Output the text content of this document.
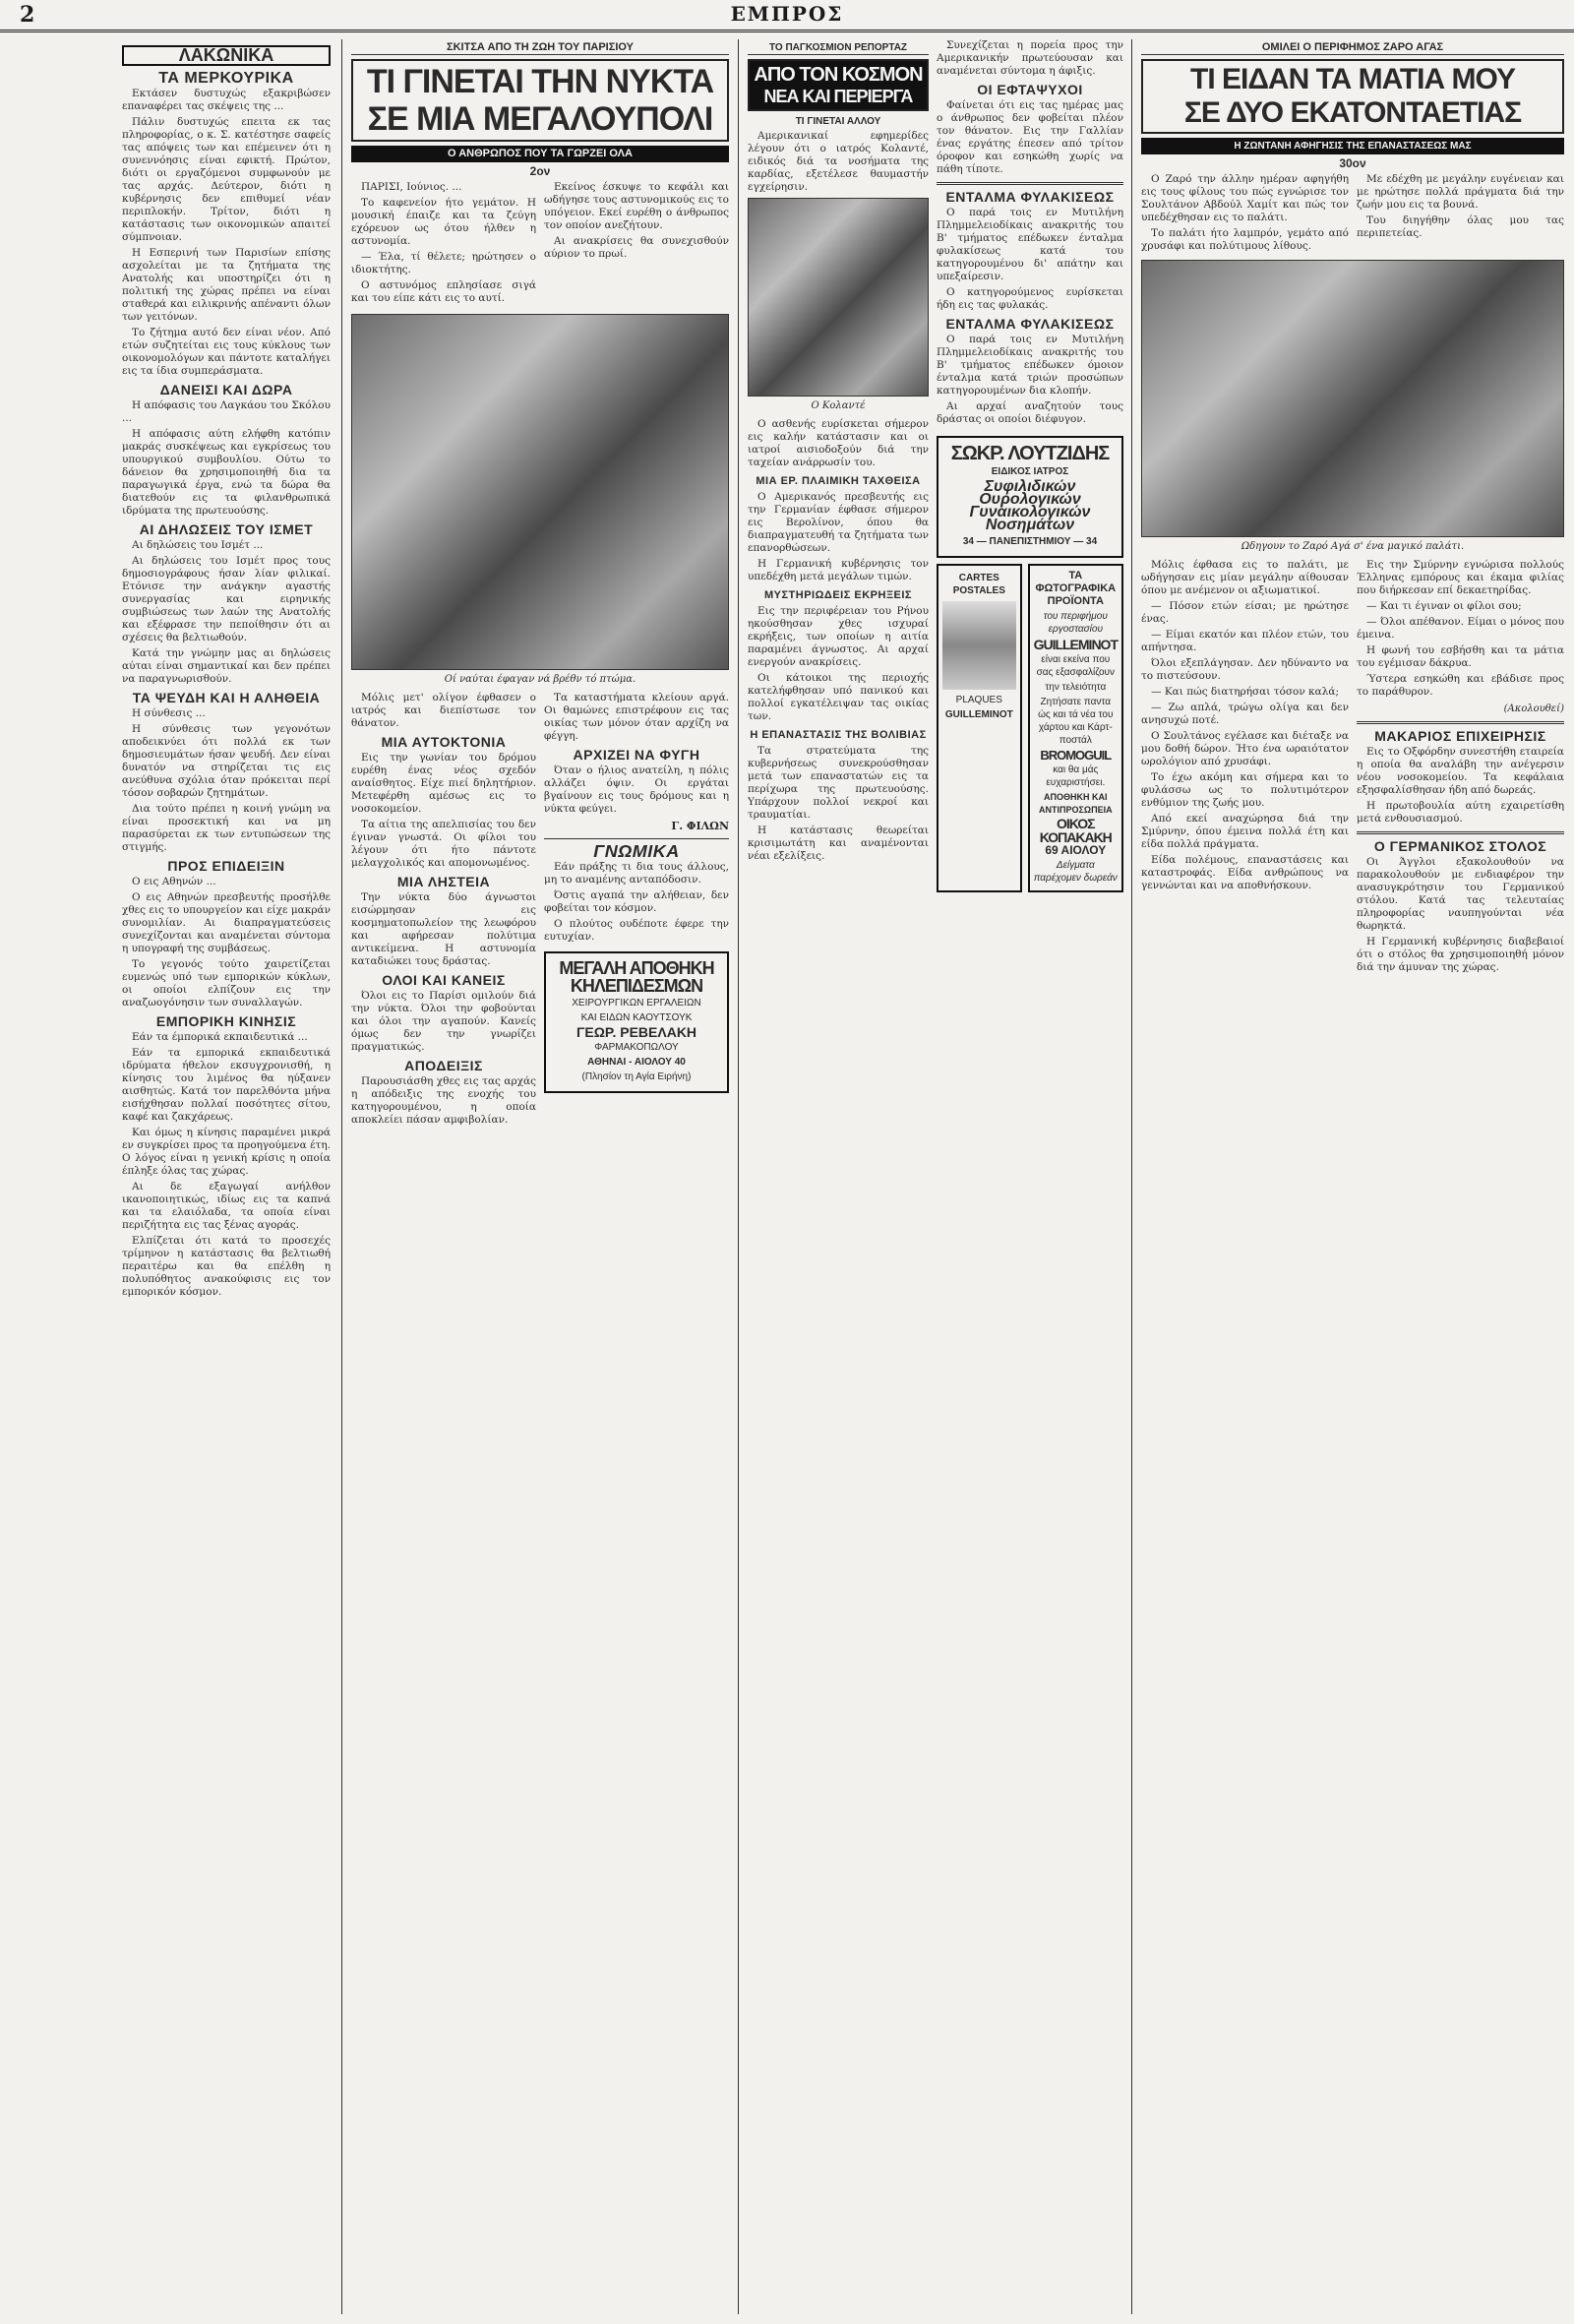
2	ΕΜΠΡΟΣ
ΛΑΚΩΝΙΚΑ
ΤΑ ΜΕΡΚΟΥΡΙΚΑ

Εκτάσεν δυστυχώς εξακριβώσεν επαναφέρει τας σκέψεις της ...

Πάλιν δυστυχώς επειτα εκ τας πληροφορίας, ο κ. Σ. κατέστησε σαφείς τας απόψεις των και επέμεινεν ότι η συνεννόησις είναι εφικτή. Πρώτον, διότι οι εργαζόμενοι συμφωνούν με τας αρχάς. Δεύτερον, διότι η κυβέρνησις δεν επιθυμεί νέαν περιπλοκήν. Τρίτον, διότι η κατάστασις των οικονομικών απαιτεί σύμπνοιαν.

Η Εσπερινή των Παρισίων επίσης ασχολείται με τα ζητήματα της Ανατολής και υποστηρίζει ότι η πολιτική της χώρας πρέπει να είναι σταθερά και ειλικρινής απέναντι όλων των γειτόνων.

Το ζήτημα αυτό δεν είναι νέον. Από ετών συζητείται εις τους κύκλους των οικονομολόγων και πάντοτε καταλήγει εις τα ίδια συμπεράσματα.

ΔΑΝΕΙΣΙ ΚΑΙ ΔΩΡΑ

Η απόφασις του Λαγκάου του Σκόλου ...

Η απόφασις αύτη ελήφθη κατόπιν μακράς συσκέψεως και εγκρίσεως του υπουργικού συμβουλίου. Ούτω το δάνειον θα χρησιμοποιηθή δια τα παραγωγικά έργα, ενώ τα δώρα θα διατεθούν εις τα φιλανθρωπικά ιδρύματα της πρωτευούσης.

ΑΙ ΔΗΛΩΣΕΙΣ ΤΟΥ ΙΣΜΕΤ

Αι δηλώσεις του Ισμέτ ...

Αι δηλώσεις του Ισμέτ προς τους δημοσιογράφους ήσαν λίαν φιλικαί. Ετόνισε την ανάγκην αγαστής συνεργασίας και ειρηνικής συμβιώσεως των λαών της Ανατολής και εξέφρασε την πεποίθησιν ότι αι σχέσεις θα βελτιωθούν.

Κατά την γνώμην μας αι δηλώσεις αύται είναι σημαντικαί και δεν πρέπει να παραγνωρισθούν.

ΤΑ ΨΕΥΔΗ ΚΑΙ Η ΑΛΗΘΕΙΑ

Η σύνθεσις ...

Η σύνθεσις των γεγονότων αποδεικνύει ότι πολλά εκ των δημοσιευμάτων ήσαν ψευδή. Δεν είναι δυνατόν να στηρίζεται τις εις ανεύθυνα σχόλια όταν πρόκειται περί τόσον σοβαρών ζητημάτων.

Δια τούτο πρέπει η κοινή γνώμη να είναι προσεκτική και να μη παρασύρεται εκ των εντυπώσεων της στιγμής.

ΠΡΟΣ ΕΠΙΔΕΙΞΙΝ

Ο εις Αθηνών ...

Ο εις Αθηνών πρεσβευτής προσήλθε χθες εις το υπουργείον και είχε μακράν συνομιλίαν. Αι διαπραγματεύσεις συνεχίζονται και αναμένεται σύντομα η υπογραφή της συμβάσεως.

Το γεγονός τούτο χαιρετίζεται ευμενώς υπό των εμπορικών κύκλων, οι οποίοι ελπίζουν εις την αναζωογόνησιν των συναλλαγών.

ΕΜΠΟΡΙΚΗ ΚΙΝΗΣΙΣ

Εάν τα έμπορικά εκπαιδευτικά ...

Εάν τα εμπορικά εκπαιδευτικά ιδρύματα ήθελον εκσυγχρονισθή, η κίνησις του λιμένος θα ηύξανεν αισθητώς. Κατά τον παρελθόντα μήνα εισήχθησαν πολλαί ποσότητες σίτου, καφέ και ζακχάρεως.

Και όμως η κίνησις παραμένει μικρά εν συγκρίσει προς τα προηγούμενα έτη. Ο λόγος είναι η γενική κρίσις η οποία έπληξε όλας τας χώρας.

Αι δε εξαγωγαί ανήλθον ικανοποιητικώς, ιδίως εις τα καπνά και τα ελαιόλαδα, τα οποία είναι περιζήτητα εις τας ξένας αγοράς.

Ελπίζεται ότι κατά το προσεχές τρίμηνον η κατάστασις θα βελτιωθή περαιτέρω και θα επέλθη η πολυπόθητος ανακούφισις εις τον εμπορικόν κόσμον.

ΣΚΙΤΣΑ ΑΠΟ ΤΗ ΖΩΗ ΤΟΥ ΠΑΡΙΣΙΟΥ
ΤΙ ΓΙΝΕΤΑΙ ΤΗΝ ΝΥΚΤΑ
ΣΕ ΜΙΑ ΜΕΓΑΛΟΥΠΟΛΙ
Ο ΑΝΘΡΩΠΟΣ ΠΟΥ ΤΑ ΓΩΡΖΕΙ ΟΛΑ
2ον

ΠΑΡΙΣΙ, Ιούνιος. ...

Το καφενείον ήτο γεμάτον. Η μουσική έπαιζε και τα ζεύγη εχόρευον ως ότου ήλθεν η αστυνομία.

— Έλα, τί θέλετε; ηρώτησεν ο ιδιοκτήτης.

Ο αστυνόμος επλησίασε σιγά και του είπε κάτι εις το αυτί.

Εκείνος έσκυψε το κεφάλι και ωδήγησε τους αστυνομικούς εις το υπόγειον. Εκεί ευρέθη ο άνθρωπος τον οποίον ανεζήτουν.

Αι ανακρίσεις θα συνεχισθούν αύριον το πρωί.

Οί ναύται έφαγαν νά βρέθν τό πτώμα.

Μόλις μετ' ολίγον έφθασεν ο ιατρός και διεπίστωσε τον θάνατον.

ΜΙΑ ΑΥΤΟΚΤΟΝΙΑ

Εις την γωνίαν του δρόμου ευρέθη ένας νέος σχεδόν αναίσθητος. Είχε πιεί δηλητήριον. Μετεφέρθη αμέσως εις το νοσοκομείον.

Τα αίτια της απελπισίας του δεν έγιναν γνωστά. Οι φίλοι του λέγουν ότι ήτο πάντοτε μελαγχολικός και απομονωμένος.

ΜΙΑ ΛΗΣΤΕΙΑ

Την νύκτα δύο άγνωστοι εισώρμησαν εις κοσμηματοπωλείον της λεωφόρου και αφήρεσαν πολύτιμα αντικείμενα. Η αστυνομία καταδιώκει τους δράστας.

ΟΛΟΙ ΚΑΙ ΚΑΝΕΙΣ

Όλοι εις το Παρίσι ομιλούν διά την νύκτα. Όλοι την φοβούνται και όλοι την αγαπούν. Κανείς όμως δεν την γνωρίζει πραγματικώς.

ΑΠΟΔΕΙΞΙΣ

Παρουσιάσθη χθες εις τας αρχάς η απόδειξις της ενοχής του κατηγορουμένου, η οποία αποκλείει πάσαν αμφιβολίαν.

Τα καταστήματα κλείουν αργά. Οι θαμώνες επιστρέφουν εις τας οικίας των μόνον όταν αρχίζη να φέγγη.

ΑΡΧΙΖΕΙ ΝΑ ΦΥΓΗ

Όταν ο ήλιος ανατείλη, η πόλις αλλάζει όψιν. Οι εργάται βγαίνουν εις τους δρόμους και η νύκτα φεύγει.

Γ. ΦΙΛΩΝ
ΓΝΩΜΙΚΑ

Εάν πράξης τι δια τους άλλους, μη το αναμένης ανταπόδοσιν.

Όστις αγαπά την αλήθειαν, δεν φοβείται τον κόσμον.

Ο πλούτος ουδέποτε έφερε την ευτυχίαν.

ΜΕΓΑΛΗ ΑΠΟΘΗΚΗ
ΚΗΛΕΠΙΔΕΣΜΩΝ
ΧΕΙΡΟΥΡΓΙΚΩΝ ΕΡΓΑΛΕΙΩΝ
ΚΑΙ ΕΙΔΩΝ ΚΑΟΥΤΣΟΥΚ
ΓΕΩΡ. ΡΕΒΕΛΑΚΗ
ΦΑΡΜΑΚΟΠΩΛΟΥ
ΑΘΗΝΑΙ - ΑΙΟΛΟΥ 40
(Πλησίον τη Αγία Ειρήνη)
ΤΟ ΠΑΓΚΟΣΜΙΟΝ ΡΕΠΟΡΤΑΖ
ΑΠΟ ΤΟΝ ΚΟΣΜΟΝ
ΝΕΑ ΚΑΙ ΠΕΡΙΕΡΓΑ
ΤΙ ΓΙΝΕΤΑΙ ΑΛΛΟΥ

Αμερικανικαί εφημερίδες λέγουν ότι ο ιατρός Κολαντέ, ειδικός διά τα νοσήματα της καρδίας, εξετέλεσε θαυμαστήν εγχείρησιν.

Ο Κολαντέ

Ο ασθενής ευρίσκεται σήμερον εις καλήν κατάστασιν και οι ιατροί αισιοδοξούν διά την ταχείαν ανάρρωσίν του.

ΜΙΑ ΕΡ. ΠΛΑΙΜΙΚΗ ΤΑΧΘΕΙΣΑ

Ο Αμερικανός πρεσβευτής εις την Γερμανίαν έφθασε σήμερον εις Βερολίνον, όπου θα διαπραγματευθή τα ζητήματα των επανορθώσεων.

Η Γερμανική κυβέρνησις τον υπεδέχθη μετά μεγάλων τιμών.

ΜΥΣΤΗΡΙΩΔΕΙΣ ΕΚΡΗΞΕΙΣ

Εις την περιφέρειαν του Ρήνου ηκούσθησαν χθες ισχυραί εκρήξεις, των οποίων η αιτία παραμένει άγνωστος. Αι αρχαί ενεργούν ανακρίσεις.

Οι κάτοικοι της περιοχής κατελήφθησαν υπό πανικού και πολλοί εγκατέλειψαν τας οικίας των.

Η ΕΠΑΝΑΣΤΑΣΙΣ ΤΗΣ ΒΟΛΙΒΙΑΣ

Τα στρατεύματα της κυβερνήσεως συνεκρούσθησαν μετά των επαναστατών εις τα περίχωρα της πρωτευούσης. Υπάρχουν πολλοί νεκροί και τραυματίαι.

Η κατάστασις θεωρείται κρισιμωτάτη και αναμένονται νέαι εξελίξεις.

Συνεχίζεται η πορεία προς την Αμερικανικήν πρωτεύουσαν και αναμένεται σύντομα η άφιξις.

ΟΙ ΕΦΤΑΨΥΧΟΙ

Φαίνεται ότι εις τας ημέρας μας ο άνθρωπος δεν φοβείται πλέον τον θάνατον. Εις την Γαλλίαν ένας εργάτης έπεσεν από τρίτον όροφον και εσηκώθη χωρίς να πάθη τίποτε.

ΕΝΤΑΛΜΑ ΦΥΛΑΚΙΣΕΩΣ

Ο παρά τοις εν Μυτιλήνη Πλημμελειοδίκαις ανακριτής του Β' τμήματος επέδωκεν ένταλμα φυλακίσεως κατά του κατηγορουμένου δι' απάτην και υπεξαίρεσιν.

Ο κατηγορούμενος ευρίσκεται ήδη εις τας φυλακάς.

ΕΝΤΑΛΜΑ ΦΥΛΑΚΙΣΕΩΣ

Ο παρά τοις εν Μυτιλήνη Πλημμελειοδίκαις ανακριτής του Β' τμήματος επέδωκεν όμοιον ένταλμα κατά τριών προσώπων κατηγορουμένων δια κλοπήν.

Αι αρχαί αναζητούν τους δράστας οι οποίοι διέφυγον.

ΣΩΚΡ. ΛΟΥΤΖΙΔΗΣ
ΕΙΔΙΚΟΣ ΙΑΤΡΟΣ
Συφιλιδικών
Ουρολογικών
Γυναικολογικών
Νοσημάτων
34 — ΠΑΝΕΠΙΣΤΗΜΙΟΥ — 34
CARTES POSTALES
PLAQUES
GUILLEMINOT
ΤΑ ΦΩΤΟΓΡΑΦΙΚΑ ΠΡΟΪΟΝΤΑ
του περιφήμου εργοστασίου
GUILLEMINOT
είναι εκείνα που σας εξασφαλίζουν
την τελειότητα
Ζητήσατε παντα ώς και τά νέα του χάρτου και Κάρτ-ποστάλ
BROMOGUIL
και θα μάς ευχαριστήσει.
ΑΠΟΘΗΚΗ ΚΑΙ ΑΝΤΙΠΡΟΣΩΠΕΙΑ
ΟΙΚΟΣ ΚΟΠΑΚΑΚΗ
69 ΑΙΟΛΟΥ
Δείγματα παρέχομεν δωρεάν
ΟΜΙΛΕΙ Ο ΠΕΡΙΦΗΜΟΣ ΖΑΡΟ ΑΓΑΣ
ΤΙ ΕΙΔΑΝ ΤΑ ΜΑΤΙΑ ΜΟΥ
ΣΕ ΔΥΟ ΕΚΑΤΟΝΤΑΕΤΙΑΣ
Η ΖΩΝΤΑΝΗ ΑΦΗΓΗΣΙΣ ΤΗΣ ΕΠΑΝΑΣΤΑΣΕΩΣ ΜΑΣ
30ον

Ο Ζαρό την άλλην ημέραν αφηγήθη εις τους φίλους του πώς εγνώρισε τον Σουλτάνον Αβδούλ Χαμίτ και πώς τον υπεδέχθησαν εις το παλάτι.

Το παλάτι ήτο λαμπρόν, γεμάτο από χρυσάφι και πολύτιμους λίθους.

Με εδέχθη με μεγάλην ευγένειαν και με ηρώτησε πολλά πράγματα διά την ζωήν μου εις τα βουνά.

Του διηγήθην όλας μου τας περιπετείας.

Ωδηγουν το Ζαρό Αγά σ' ένα μαγικό παλάτι.

Μόλις έφθασα εις το παλάτι, με ωδήγησαν εις μίαν μεγάλην αίθουσαν όπου με ανέμενον οι αξιωματικοί.

— Πόσον ετών είσαι; με ηρώτησε ένας.

— Είμαι εκατόν και πλέον ετών, του απήντησα.

Όλοι εξεπλάγησαν. Δεν ηδύναντο να το πιστεύσουν.

— Και πώς διατηρήσαι τόσον καλά;

— Ζω απλά, τρώγω ολίγα και δεν ανησυχώ ποτέ.

Ο Σουλτάνος εγέλασε και διέταξε να μου δοθή δώρον. Ήτο ένα ωραιότατον ωρολόγιον από χρυσάφι.

Το έχω ακόμη και σήμερα και το φυλάσσω ως το πολυτιμότερον ενθύμιον της ζωής μου.

Από εκεί αναχώρησα διά την Σμύρνην, όπου έμεινα πολλά έτη και είδα πολλά πράγματα.

Είδα πολέμους, επαναστάσεις και καταστροφάς. Είδα ανθρώπους να γεννώνται και να αποθνήσκουν.

Εις την Σμύρνην εγνώρισα πολλούς Έλληνας εμπόρους και έκαμα φιλίας που διήρκεσαν επί δεκαετηρίδας.

— Και τι έγιναν οι φίλοι σου;

— Όλοι απέθανον. Είμαι ο μόνος που έμεινα.

Η φωνή του εσβήσθη και τα μάτια του εγέμισαν δάκρυα.

Ύστερα εσηκώθη και εβάδισε προς το παράθυρον.

(Ακολουθεί)
ΜΑΚΑΡΙΟΣ ΕΠΙΧΕΙΡΗΣΙΣ

Εις το Οξφόρδην συνεστήθη εταιρεία η οποία θα αναλάβη την ανέγερσιν νέου νοσοκομείου. Τα κεφάλαια εξησφαλίσθησαν ήδη από δωρεάς.

Η πρωτοβουλία αύτη εχαιρετίσθη μετά ενθουσιασμού.

Ο ΓΕΡΜΑΝΙΚΟΣ ΣΤΟΛΟΣ

Οι Άγγλοι εξακολουθούν να παρακολουθούν με ενδιαφέρον την ανασυγκρότησιν του Γερμανικού στόλου. Κατά τας τελευταίας πληροφορίας ναυπηγούνται νέα θωρηκτά.

Η Γερμανική κυβέρνησις διαβεβαιοί ότι ο στόλος θα χρησιμοποιηθή μόνον διά την άμυναν της χώρας.
